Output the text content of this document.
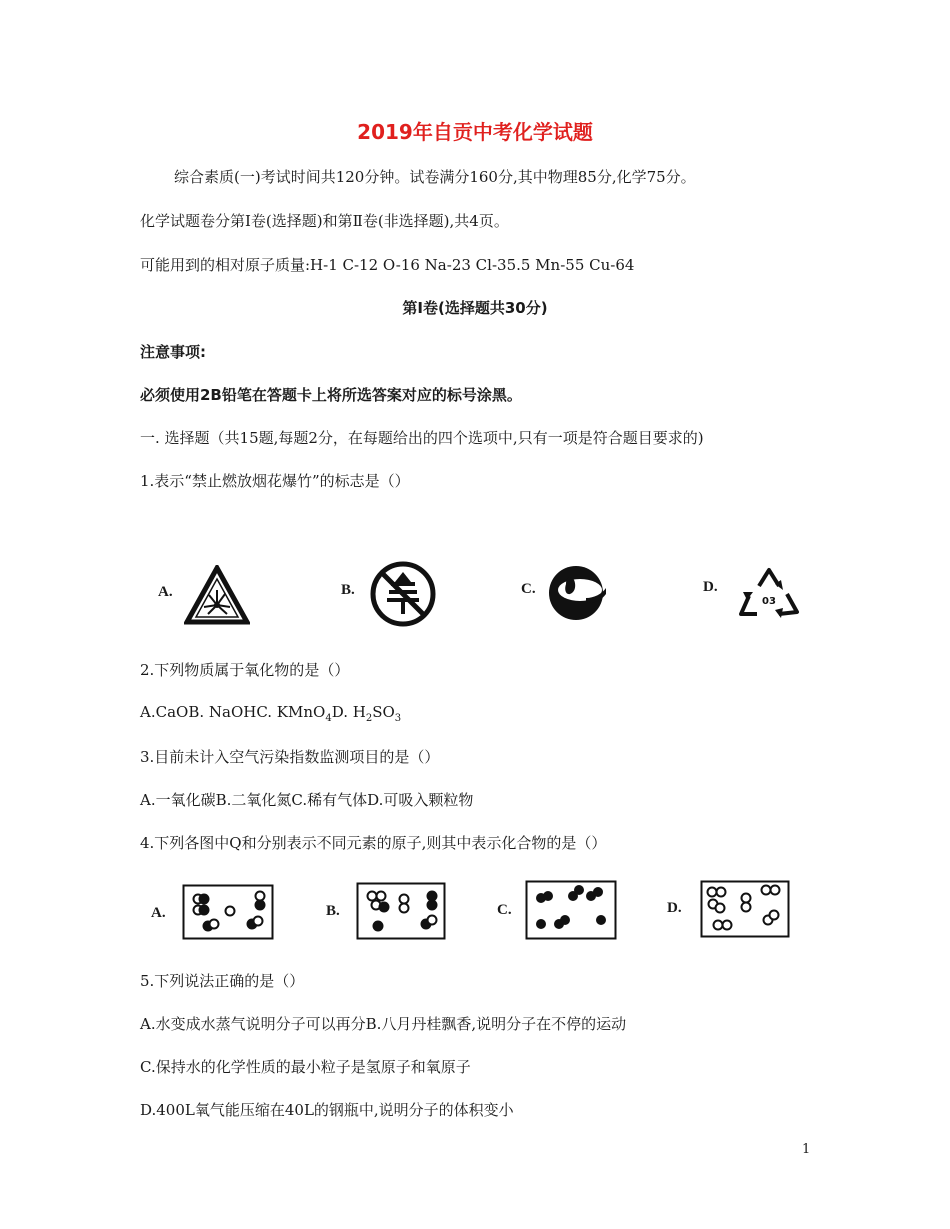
2019年自贡中考化学试题
综合素质(一)考试时间共120分钟。试卷满分160分,其中物理85分,化学75分。
化学试题卷分第Ⅰ卷(选择题)和第Ⅱ卷(非选择题),共4页。
可能用到的相对原子质量:H-1 C-12 O-16 Na-23 Cl-35.5 Mn-55 Cu-64
第Ⅰ卷(选择题共30分)
注意事项:
必须使用2B铅笔在答题卡上将所选答案对应的标号涂黑。
一. 选择题（共15题,每题2分，在每题给出的四个选项中,只有一项是符合题目要求的)
1.表示“禁止燃放烟花爆竹”的标志是（）
A.	B.	C.	D.
03
2.下列物质属于氧化物的是（）
A.CaOB. NaOHC. KMnO$_4$D. $H_2SO_3$
3.目前未计入空气污染指数监测项目的是（）
A.一氧化碳B.二氧化氮C.稀有气体D.可吸入颗粒物
4.下列各图中Q和分别表示不同元素的原子,则其中表示化合物的是（）
A.	B.	C.	D.
5.下列说法正确的是（）
A.水变成水蒸气说明分子可以再分B.八月丹桂飘香,说明分子在不停的运动
C.保持水的化学性质的最小粒子是氢原子和氧原子
D.400L氧气能压缩在40L的钢瓶中,说明分子的体积变小
1
